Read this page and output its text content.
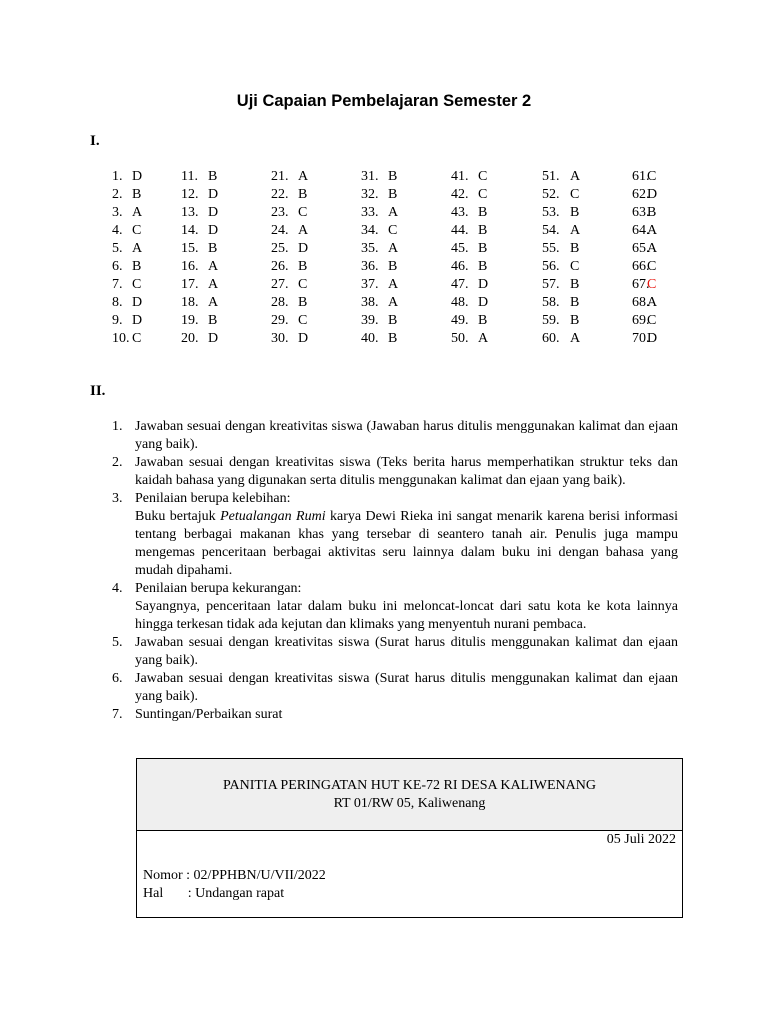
Uji Capaian Pembelajaran Semester 2
I.
1. D
2. B
3. A
4. C
5. A
6. B
7. C
8. D
9. D
10. C
11. B
12. D
13. D
14. D
15. B
16. A
17. A
18. A
19. B
20. D
21. A
22. B
23. C
24. A
25. D
26. B
27. C
28. B
29. C
30. D
31. B
32. B
33. A
34. C
35. A
36. B
37. A
38. A
39. B
40. B
41. C
42. C
43. B
44. B
45. B
46. B
47. D
48. D
49. B
50. A
51. A
52. C
53. B
54. A
55. B
56. C
57. B
58. B
59. B
60. A
61.
C
62.
D
63.
B
64.
A
65.
A
66.
C
67.
C
68.
A
69.
C
70.
D
II.
1. Jawaban sesuai dengan kreativitas siswa (Jawaban harus ditulis menggunakan kalimat dan ejaan yang baik).
2. Jawaban sesuai dengan kreativitas siswa (Teks berita harus memperhatikan struktur teks dan kaidah bahasa yang digunakan serta ditulis menggunakan kalimat dan ejaan yang baik).
3. Penilaian berupa kelebihan:
Buku bertajuk Petualangan Rumi karya Dewi Rieka ini sangat menarik karena berisi informasi tentang berbagai makanan khas yang tersebar di seantero tanah air. Penulis juga mampu mengemas penceritaan berbagai aktivitas seru lainnya dalam buku ini dengan bahasa yang mudah dipahami.
4. Penilaian berupa kekurangan:
Sayangnya, penceritaan latar dalam buku ini meloncat-loncat dari satu kota ke kota lainnya hingga terkesan tidak ada kejutan dan klimaks yang menyentuh nurani pembaca.
5. Jawaban sesuai dengan kreativitas siswa (Surat harus ditulis menggunakan kalimat dan ejaan yang baik).
6. Jawaban sesuai dengan kreativitas siswa (Surat harus ditulis menggunakan kalimat dan ejaan yang baik).
7. Suntingan/Perbaikan surat
PANITIA PERINGATAN HUT KE-72 RI DESA KALIWENANG
RT 01/RW 05, Kaliwenang
05 Juli 2022
Nomor : 02/PPHBN/U/VII/2022
Hal       : Undangan rapat
